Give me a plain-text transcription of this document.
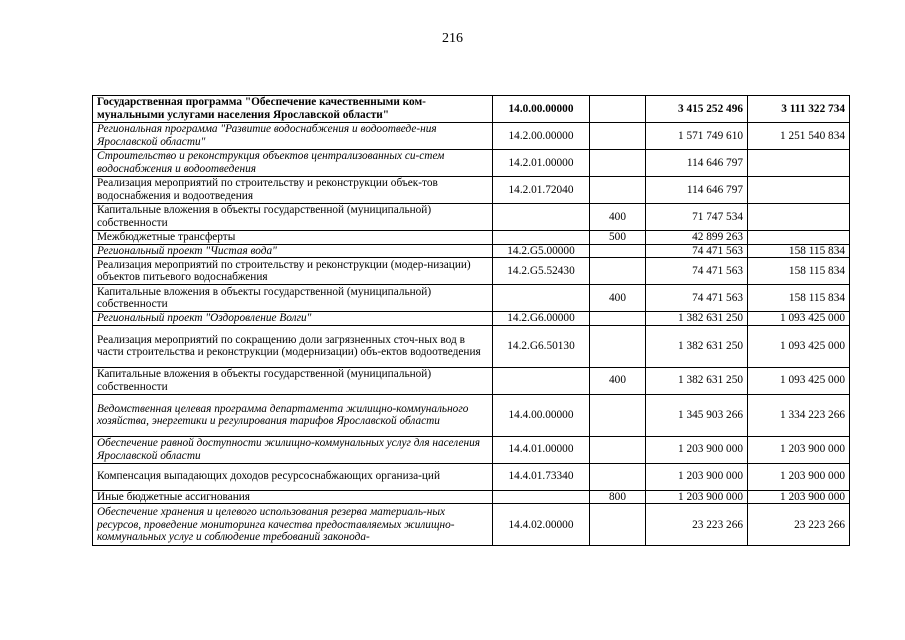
216
Государственная программа "Обеспечение качественными ком-мунальными услугами населения Ярославской области"	14.0.00.00000		3 415 252 496	3 111 322 734
Региональная программа "Развитие водоснабжения и водоотведе-ния Ярославской области"	14.2.00.00000		1 571 749 610	1 251 540 834
Строительство и реконструкция объектов централизованных си-стем водоснабжения и водоотведения	14.2.01.00000		114 646 797	
Реализация мероприятий по строительству и реконструкции объек-тов водоснабжения и водоотведения	14.2.01.72040		114 646 797	
Капитальные вложения в объекты государственной (муниципальной) собственности		400	71 747 534	
Межбюджетные трансферты		500	42 899 263	
Региональный проект "Чистая вода"	14.2.G5.00000		74 471 563	158 115 834
Реализация мероприятий по строительству и реконструкции (модер-низации) объектов питьевого водоснабжения	14.2.G5.52430		74 471 563	158 115 834
Капитальные вложения в объекты государственной (муниципальной) собственности		400	74 471 563	158 115 834
Региональный проект "Оздоровление Волги"	14.2.G6.00000		1 382 631 250	1 093 425 000
Реализация мероприятий по сокращению доли загрязненных сточ-ных вод в части строительства и реконструкции (модернизации) объ-ектов водоотведения	14.2.G6.50130		1 382 631 250	1 093 425 000
Капитальные вложения в объекты государственной (муниципальной) собственности		400	1 382 631 250	1 093 425 000
Ведомственная целевая программа департамента жилищно-коммунального хозяйства, энергетики и регулирования тарифов Ярославской области	14.4.00.00000		1 345 903 266	1 334 223 266
Обеспечение равной доступности жилищно-коммунальных услуг для населения Ярославской области	14.4.01.00000		1 203 900 000	1 203 900 000
Компенсация выпадающих доходов ресурсоснабжающих организа-ций	14.4.01.73340		1 203 900 000	1 203 900 000
Иные бюджетные ассигнования		800	1 203 900 000	1 203 900 000
Обеспечение хранения и целевого использования резерва материаль-ных ресурсов, проведение мониторинга качества предоставляемых жилищно-коммунальных услуг и соблюдение требований законода-	14.4.02.00000		23 223 266	23 223 266
